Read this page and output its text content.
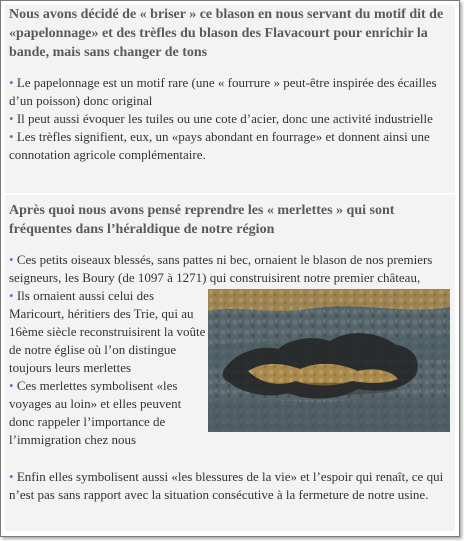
Nous avons décidé de « briser » ce blason en nous servant du motif dit de «papelonnage» et des trèfles du blason des Flavacourt pour enrichir la bande, mais sans changer de tons

• Le papelonnage est un motif rare (une « fourrure » peut-être inspirée des écailles d’un poisson) donc original

• Il peut aussi évoquer les tuiles ou une cote d’acier, donc une activité industrielle

• Les trèfles signifient, eux, un «pays abondant en fourrage» et donnent ainsi une connotation agricole complémentaire.

Après quoi nous avons pensé reprendre les « merlettes » qui sont fréquentes dans l’héraldique de notre région

• Ces petits oiseaux blessés, sans pattes ni bec, ornaient le blason de nos premiers seigneurs, les Boury (de 1097 à 1271) qui construisirent notre premier château,

• Ils ornaient aussi celui des Maricourt, héritiers des Trie, qui au 16ème siècle reconstruisirent la voûte de notre église où l’on distingue toujours leurs merlettes

• Ces merlettes symbolisent «les voyages au loin» et elles peuvent donc rappeler l’importance de l’immigration chez nous

• Enfin elles symbolisent aussi «les blessures de la vie» et l’espoir qui renaît, ce qui n’est pas sans rapport avec la situation consécutive à la fermeture de notre usine.
